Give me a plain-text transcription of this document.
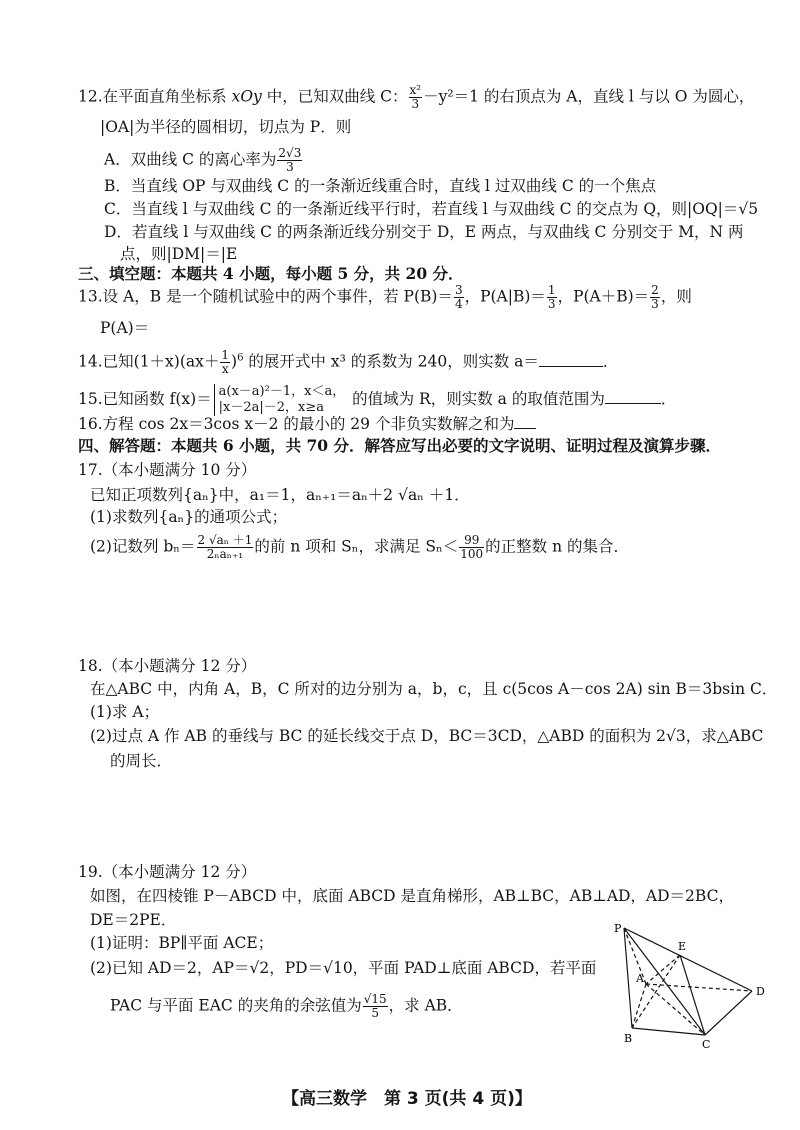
12.在平面直角坐标系 xOy 中，已知双曲线 C： $\frac{\text{x²}}{3} -y^2=1$ 的右顶点为 A，直线 l 与以 O 为圆心，
|OA|为半径的圆相切，切点为 P．则
A．双曲线 C 的离心率为 $\frac{2√3}{3}$
B．当直线 OP 与双曲线 C 的一条渐近线重合时，直线 l 过双曲线 C 的一个焦点
C．当直线 l 与双曲线 C 的一条渐近线平行时，若直线 l 与双曲线 C 的交点为 Q，则|OQ|＝√5
D．若直线 l 与双曲线 C 的两条渐近线分别交于 D，E 两点，与双曲线 C 分别交于 M，N 两
点，则|DM|＝|E
三、填空题：本题共 4 小题，每小题 5 分，共 20 分．
13.设 A，B 是一个随机试验中的两个事件，若 $P(B)= \frac{3}{4}$ ，$P(A|B)= \frac{1}{3}$ ，$P(A+B)= \frac{2}{3}$ ，则
P(A)＝
14.已知$(1+x)(ax+ \frac{1}{x} )^6$ 的展开式中 x³ 的系数为 240，则实数 a＝	．
15.已知函数 f(x)＝ a(x－a)²－1，x＜a，
|x－2a|－2，x≥a	的值域为 R，则实数 a 的取值范围为	．
16.方程 cos 2x＝3cos x－2 的最小的 29 个非负实数解之和为
四、解答题：本题共 6 小题，共 70 分．解答应写出必要的文字说明、证明过程及演算步骤．
17.（本小题满分 10 分）
已知正项数列{aₙ}中，a₁＝1，aₙ₊₁＝aₙ＋2 √aₙ ＋1．
(1)求数列{aₙ}的通项公式；
(2)记数列 $b_n= \frac{\text{2 √aₙ ＋1}}{\text{2ₙaₙ₊₁}}$ 的前 n 项和 Sₙ，求满足 $S_n< \frac{99}{100}$ 的正整数 n 的集合．
18.（本小题满分 12 分）
在△ABC 中，内角 A，B，C 所对的边分别为 a，b，c，且 c(5cos A－cos 2A) sin B＝3bsin C．
(1)求 A；
(2)过点 A 作 AB 的垂线与 BC 的延长线交于点 D，BC＝3CD，△ABD 的面积为 2√3，求△ABC
的周长．
19.（本小题满分 12 分）
如图，在四棱锥 P－ABCD 中，底面 ABCD 是直角梯形，AB⊥BC，AB⊥AD，AD＝2BC，
DE＝2PE．
(1)证明：BP∥平面 ACE；
(2)已知 AD＝2，AP＝√2，PD＝√10，平面 PAD⊥底面 ABCD，若平面
PAC 与平面 EAC 的夹角的余弦值为 $\frac{√15}{5}$ ，求 AB．
P
E
A
D
B	C
【高三数学　第 3 页(共 4 页)】
